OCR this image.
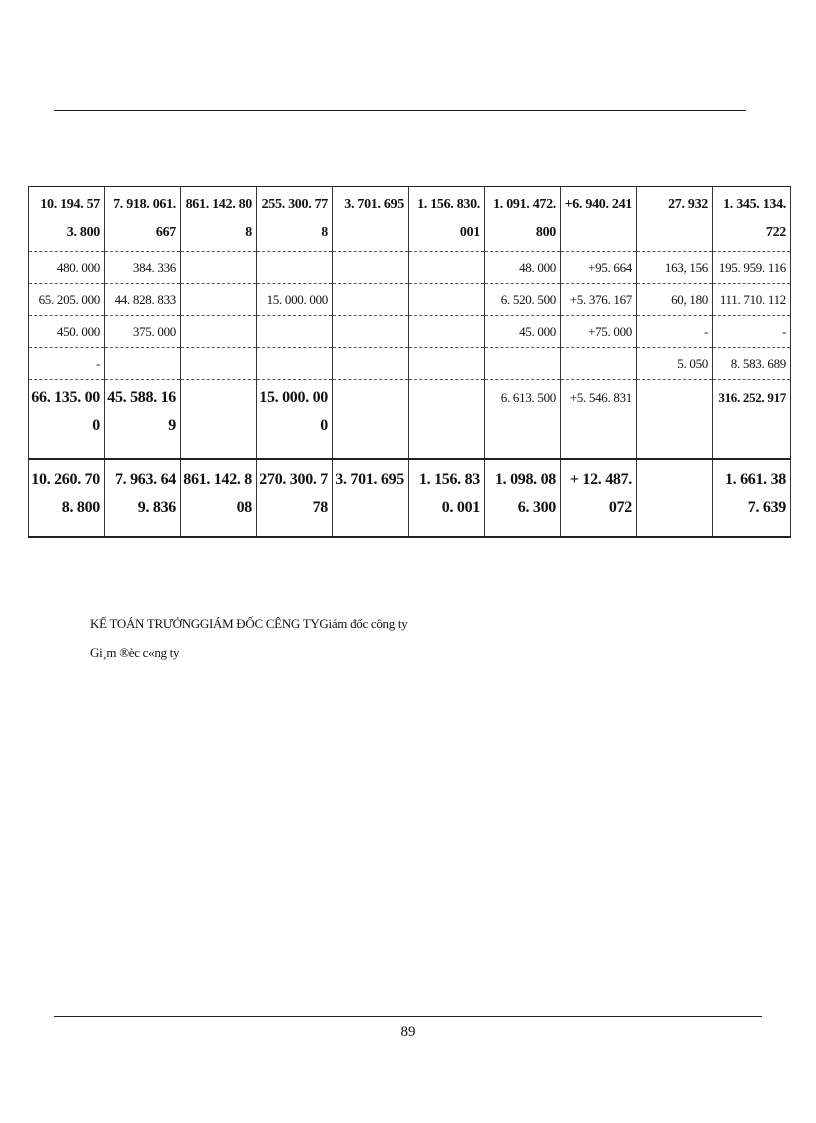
10. 194. 573. 800	7. 918. 061. 667	861. 142. 808	255. 300. 778	3. 701. 695	1. 156. 830. 001	1. 091. 472. 800	+6. 940. 241	27. 932	1. 345. 134. 722
480. 000	384. 336					48. 000	+95. 664	163, 156	195. 959. 116
65. 205. 000	44. 828. 833		15. 000. 000			6. 520. 500	+5. 376. 167	60, 180	111. 710. 112
450. 000	375. 000					45. 000	+75. 000	-	-
-								5. 050	8. 583. 689
66. 135. 000	45. 588. 169		15. 000. 000			6. 613. 500	+5. 546. 831		316. 252. 917
10. 260. 708. 800	7. 963. 649. 836	861. 142. 808	270. 300. 778	3. 701. 695	1. 156. 830. 001	1. 098. 086. 300	+ 12. 487. 072		1. 661. 387. 639
KẾ TOÁN TRƯỞNGGIÁM ĐỐC CÊNG TYGiám đốc công ty
Gi¸m ®èc c«ng ty
89
